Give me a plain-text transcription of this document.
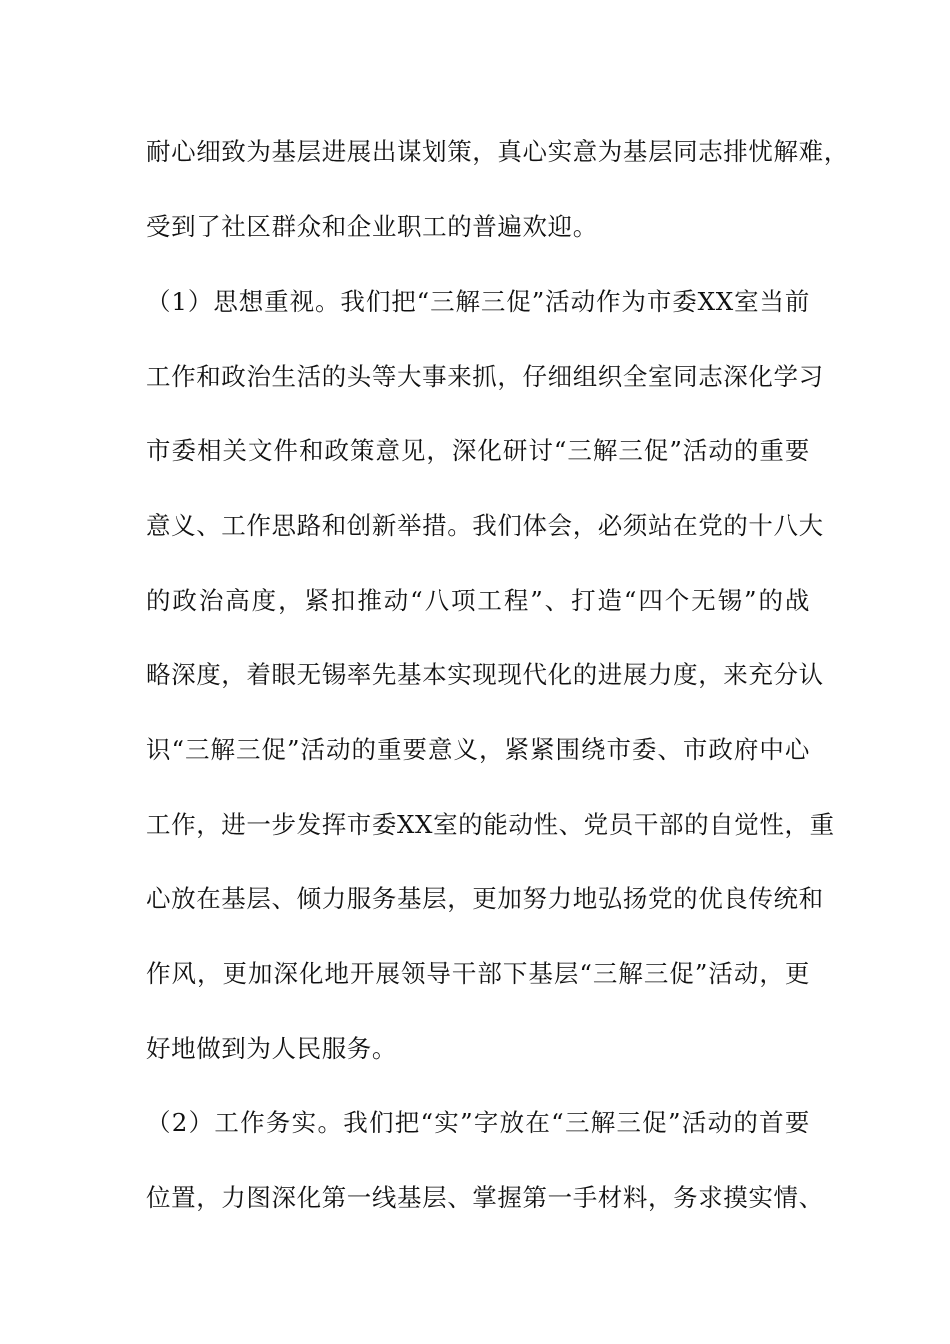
耐心细致为基层进展出谋划策，真心实意为基层同志排忧解难，
受到了社区群众和企业职工的普遍欢迎。
（1）思想重视。我们把“三解三促”活动作为市委XX室当前
工作和政治生活的头等大事来抓，仔细组织全室同志深化学习
市委相关文件和政策意见，深化研讨“三解三促”活动的重要
意义、工作思路和创新举措。我们体会，必须站在党的十八大
的政治高度，紧扣推动“八项工程”、打造“四个无锡”的战
略深度，着眼无锡率先基本实现现代化的进展力度，来充分认
识“三解三促”活动的重要意义，紧紧围绕市委、市政府中心
工作，进一步发挥市委XX室的能动性、党员干部的自觉性，重
心放在基层、倾力服务基层，更加努力地弘扬党的优良传统和
作风，更加深化地开展领导干部下基层“三解三促”活动，更
好地做到为人民服务。
（2）工作务实。我们把“实”字放在“三解三促”活动的首要
位置，力图深化第一线基层、掌握第一手材料，务求摸实情、
